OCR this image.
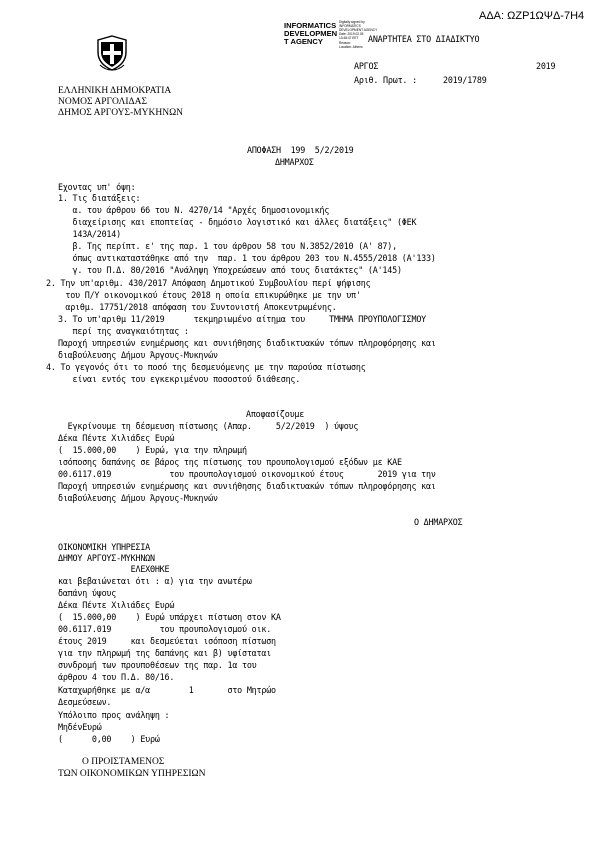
ΑΔΑ: ΩΖΡ1ΩΨΔ-7Η4
INFORMATICS
DEVELOPMEN
T AGENCY
Digitally signed by
INFORMATICS
DEVELOPMENT AGENCY
Date: 2019.02.05
13:48:47 EET
Reason:
Location: Athens
ΑΝΑΡΤΗΤΕΑ ΣΤΟ ΔΙΑΔΙΚΤΥΟ
ΑΡΓΟΣ	2019
Αριθ. Πρωτ. :	2019/1789
ΕΛΛΗΝΙΚΗ ΔΗΜΟΚΡΑΤΙΑ
ΝΟΜΟΣ ΑΡΓΟΛΙΔΑΣ
ΔΗΜΟΣ ΑΡΓΟΥΣ-ΜΥΚΗΝΩΝ
ΑΠΟΦΑΣΗ  199  5/2/2019
ΔΗΜΑΡΧΟΣ
Εχοντας υπ' όψη:
1. Τις διατάξεις:
α. του άρθρου 66 του Ν. 4270/14 "Αρχές δημοσιονομικής
διαχείρισης και εποπτείας - δημόσιο λογιστικό και άλλες διατάξεις" (ΦΕΚ
143Α/2014)
β. Της περίπτ. ε' της παρ. 1 του άρθρου 58 του Ν.3852/2010 (Α' 87),
όπως αντικαταστάθηκε από την  παρ. 1 του άρθρου 203 του Ν.4555/2018 (Α'133)
γ. του Π.Δ. 80/2016 "Ανάληψη Υποχρεώσεων από τους διατάκτες" (Α'145)
2. Την υπ'αριθμ. 430/2017 Απόφαση Δημοτικού Συμβουλίου περί ψήφισης
του Π/Υ οικονομικού έτους 2018 η οποία επικυρώθηκε με την υπ'
αριθμ. 17751/2018 απόφαση του Συντονιστή Αποκεντρωμένης.
3. Το υπ'αριθμ 11/2019      τεκμηριωμένο αίτημα του     ΤΜΗΜΑ ΠΡΟΥΠΟΛΟΓΙΣΜΟΥ
περί της αναγκαιότητας :
Παροχή υπηρεσιών ενημέρωσης και συνιήθησης διαδικτυακών τόπων πληροφόρησης και
διαβούλευσης Δήμου Άργους-Μυκηνών
4. Το γεγονός ότι το ποσό της δεσμευόμενης με την παρούσα πίστωσης
είναι εντός του εγκεκριμένου ποσοστού διάθεσης.
Αποφασίζουμε
Εγκρίνουμε τη δέσμευση πίστωσης (Απαρ.     5/2/2019  ) ύψους
Δέκα Πέντε Χιλιάδες Ευρώ
(  15.000,00    ) Ευρώ, για την πληρωμή
ισόποσης δαπάνης σε βάρος της πίστωσης του προυπολογισμού εξόδων με ΚΑΕ
00.6117.019            του προυπολογισμού οικονομικού έτους       2019 για την
Παροχή υπηρεσιών ενημέρωσης και συνιήθησης διαδικτυακών τόπων πληροφόρησης και
διαβούλευσης Δήμου Άργους-Μυκηνών
Ο ΔΗΜΑΡΧΟΣ
ΟΙΚΟΝΟΜΙΚΗ ΥΠΗΡΕΣΙΑ
ΔΗΜΟΥ ΑΡΓΟΥΣ-ΜΥΚΗΝΩΝ
ΕΛΕΧΘΗΚΕ
και βεβαιώνεται ότι : α) για την ανωτέρω
δαπάνη ύψους
Δέκα Πέντε Χιλιάδες Ευρώ
(  15.000,00    ) Ευρώ υπάρχει πίστωση στον ΚΑ
00.6117.019          του προυπολογισμού οικ.
έτους 2019     και δεσμεύεται ισόποση πίστωση
για την πληρωμή της δαπάνης και β) υφίσταται
συνδρομή των προυποθέσεων της παρ. 1α του
άρθρου 4 του Π.Δ. 80/16.
Καταχωρήθηκε με α/α        1       στο Μητρώο
Δεσμεύσεων.
Υπόλοιπο προς ανάληψη :
ΜηδένΕυρώ
(      0,00    ) Ευρώ
Ο ΠΡΟΙΣΤΑΜΕΝΟΣ
ΤΩΝ ΟΙΚΟΝΟΜΙΚΩΝ ΥΠΗΡΕΣΙΩΝ
